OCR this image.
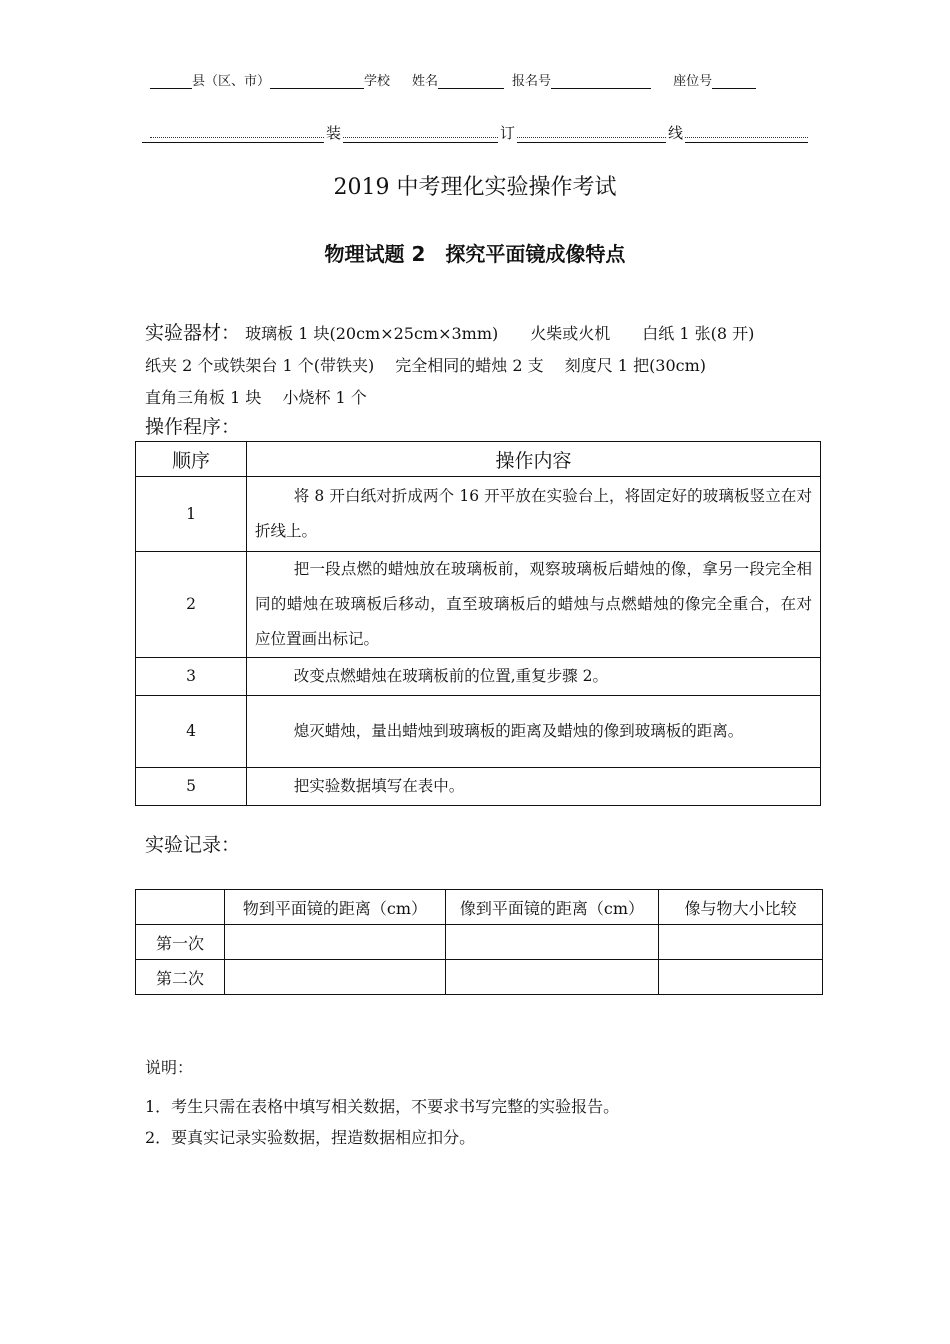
县（区、市）	学校 姓名	报名号	座位号
装	订	线
2019 中考理化实验操作考试
物理试题 2　探究平面镜成像特点
实验器材： 玻璃板 1 块(20cm×25cm×3mm)　　火柴或火机　　白纸 1 张(8 开)
纸夹 2 个或铁架台 1 个(带铁夹)　 完全相同的蜡烛 2 支　 刻度尺 1 把(30cm)
直角三角板 1 块　 小烧杯 1 个
操作程序：
顺序	操作内容
1	将 8 开白纸对折成两个 16 开平放在实验台上，将固定好的玻璃板竖立在对折线上。
2	把一段点燃的蜡烛放在玻璃板前，观察玻璃板后蜡烛的像，拿另一段完全相同的蜡烛在玻璃板后移动，直至玻璃板后的蜡烛与点燃蜡烛的像完全重合，在对应位置画出标记。
3	改变点燃蜡烛在玻璃板前的位置,重复步骤 2。
4	熄灭蜡烛，量出蜡烛到玻璃板的距离及蜡烛的像到玻璃板的距离。
5	把实验数据填写在表中。
实验记录：
	物到平面镜的距离（cm）	像到平面镜的距离（cm）	像与物大小比较
第一次			
第二次			
说明：
1．考生只需在表格中填写相关数据，不要求书写完整的实验报告。
2．要真实记录实验数据，捏造数据相应扣分。
